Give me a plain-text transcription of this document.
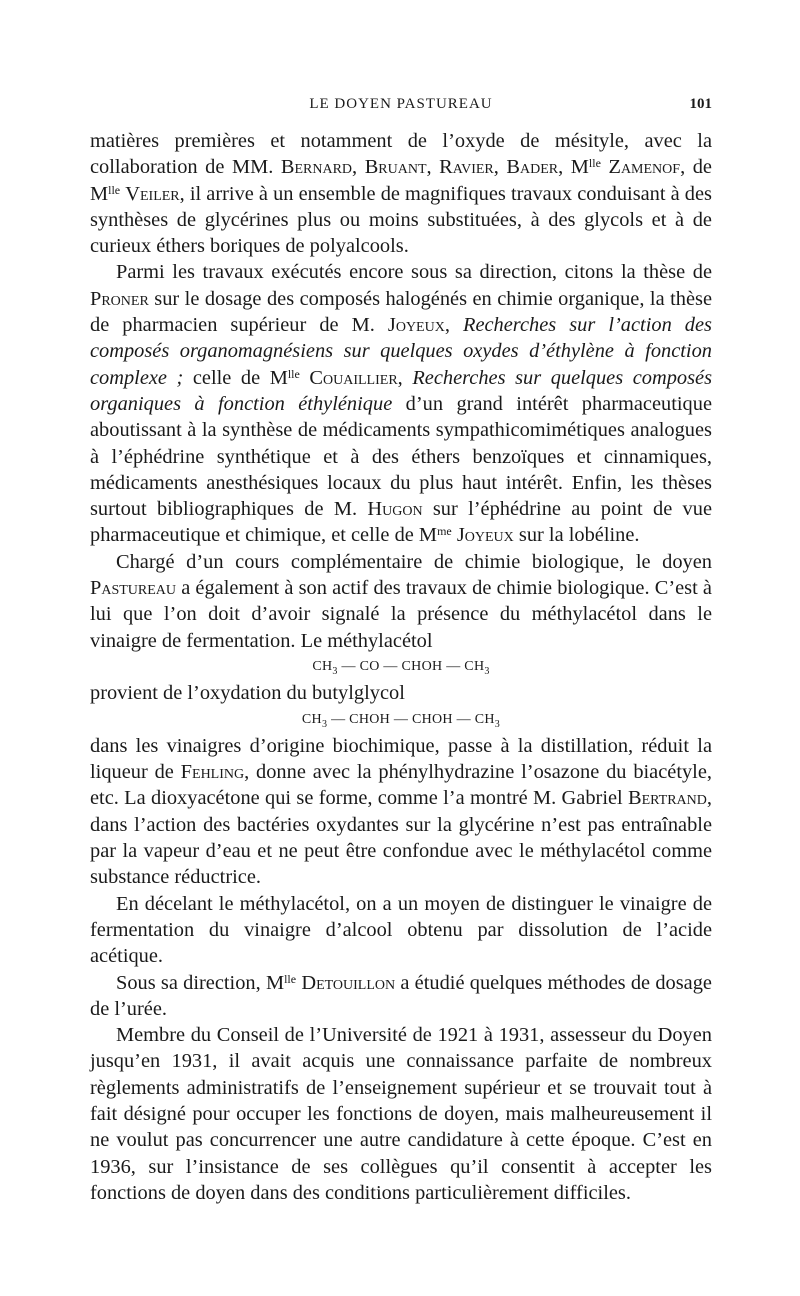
LE DOYEN PASTUREAU	101

matières premières et notamment de l’oxyde de mésityle, avec la collaboration de MM. Bernard, Bruant, Ravier, Bader, $M^{lle}$ Zamenof, de $M^{lle}$ Veiler, il arrive à un ensemble de magnifiques travaux conduisant à des synthèses de glycérines plus ou moins substituées, à des glycols et à de curieux éthers boriques de polyalcools.

Parmi les travaux exécutés encore sous sa direction, citons la thèse de Proner sur le dosage des composés halogénés en chimie organique, la thèse de pharmacien supérieur de M. Joyeux, Recherches sur l’action des composés organomagnésiens sur quelques oxydes d’éthylène à fonction complexe ; celle de $M^{lle}$ Couaillier, Recherches sur quelques composés organiques à fonction éthylénique d’un grand intérêt pharmaceutique aboutissant à la synthèse de médicaments sympathicomimétiques analogues à l’éphédrine synthétique et à des éthers benzoïques et cinnamiques, médicaments anesthésiques locaux du plus haut intérêt. Enfin, les thèses surtout bibliographiques de M. Hugon sur l’éphédrine au point de vue pharmaceutique et chimique, et celle de $M^{me}$ Joyeux sur la lobéline.

Chargé d’un cours complémentaire de chimie biologique, le doyen Pastureau a également à son actif des travaux de chimie biologique. C’est à lui que l’on doit d’avoir signalé la présence du méthylacétol dans le vinaigre de fermentation. Le méthylacétol

$CH_3$ — CO — CHOH — $CH_3$

provient de l’oxydation du butylglycol

$CH_3$ — CHOH — CHOH — $CH_3$

dans les vinaigres d’origine biochimique, passe à la distillation, réduit la liqueur de Fehling, donne avec la phénylhydrazine l’osazone du biacétyle, etc. La dioxyacétone qui se forme, comme l’a montré M. Gabriel Bertrand, dans l’action des bactéries oxydantes sur la glycérine n’est pas entraînable par la vapeur d’eau et ne peut être confondue avec le méthylacétol comme substance réductrice.

En décelant le méthylacétol, on a un moyen de distinguer le vinaigre de fermentation du vinaigre d’alcool obtenu par dissolution de l’acide acétique.

Sous sa direction, $M^{lle}$ Detouillon a étudié quelques méthodes de dosage de l’urée.

Membre du Conseil de l’Université de 1921 à 1931, assesseur du Doyen jusqu’en 1931, il avait acquis une connaissance parfaite de nombreux règlements administratifs de l’enseignement supérieur et se trouvait tout à fait désigné pour occuper les fonctions de doyen, mais malheureusement il ne voulut pas concurrencer une autre candidature à cette époque. C’est en 1936, sur l’insistance de ses collègues qu’il consentit à accepter les fonctions de doyen dans des conditions particulièrement difficiles.
